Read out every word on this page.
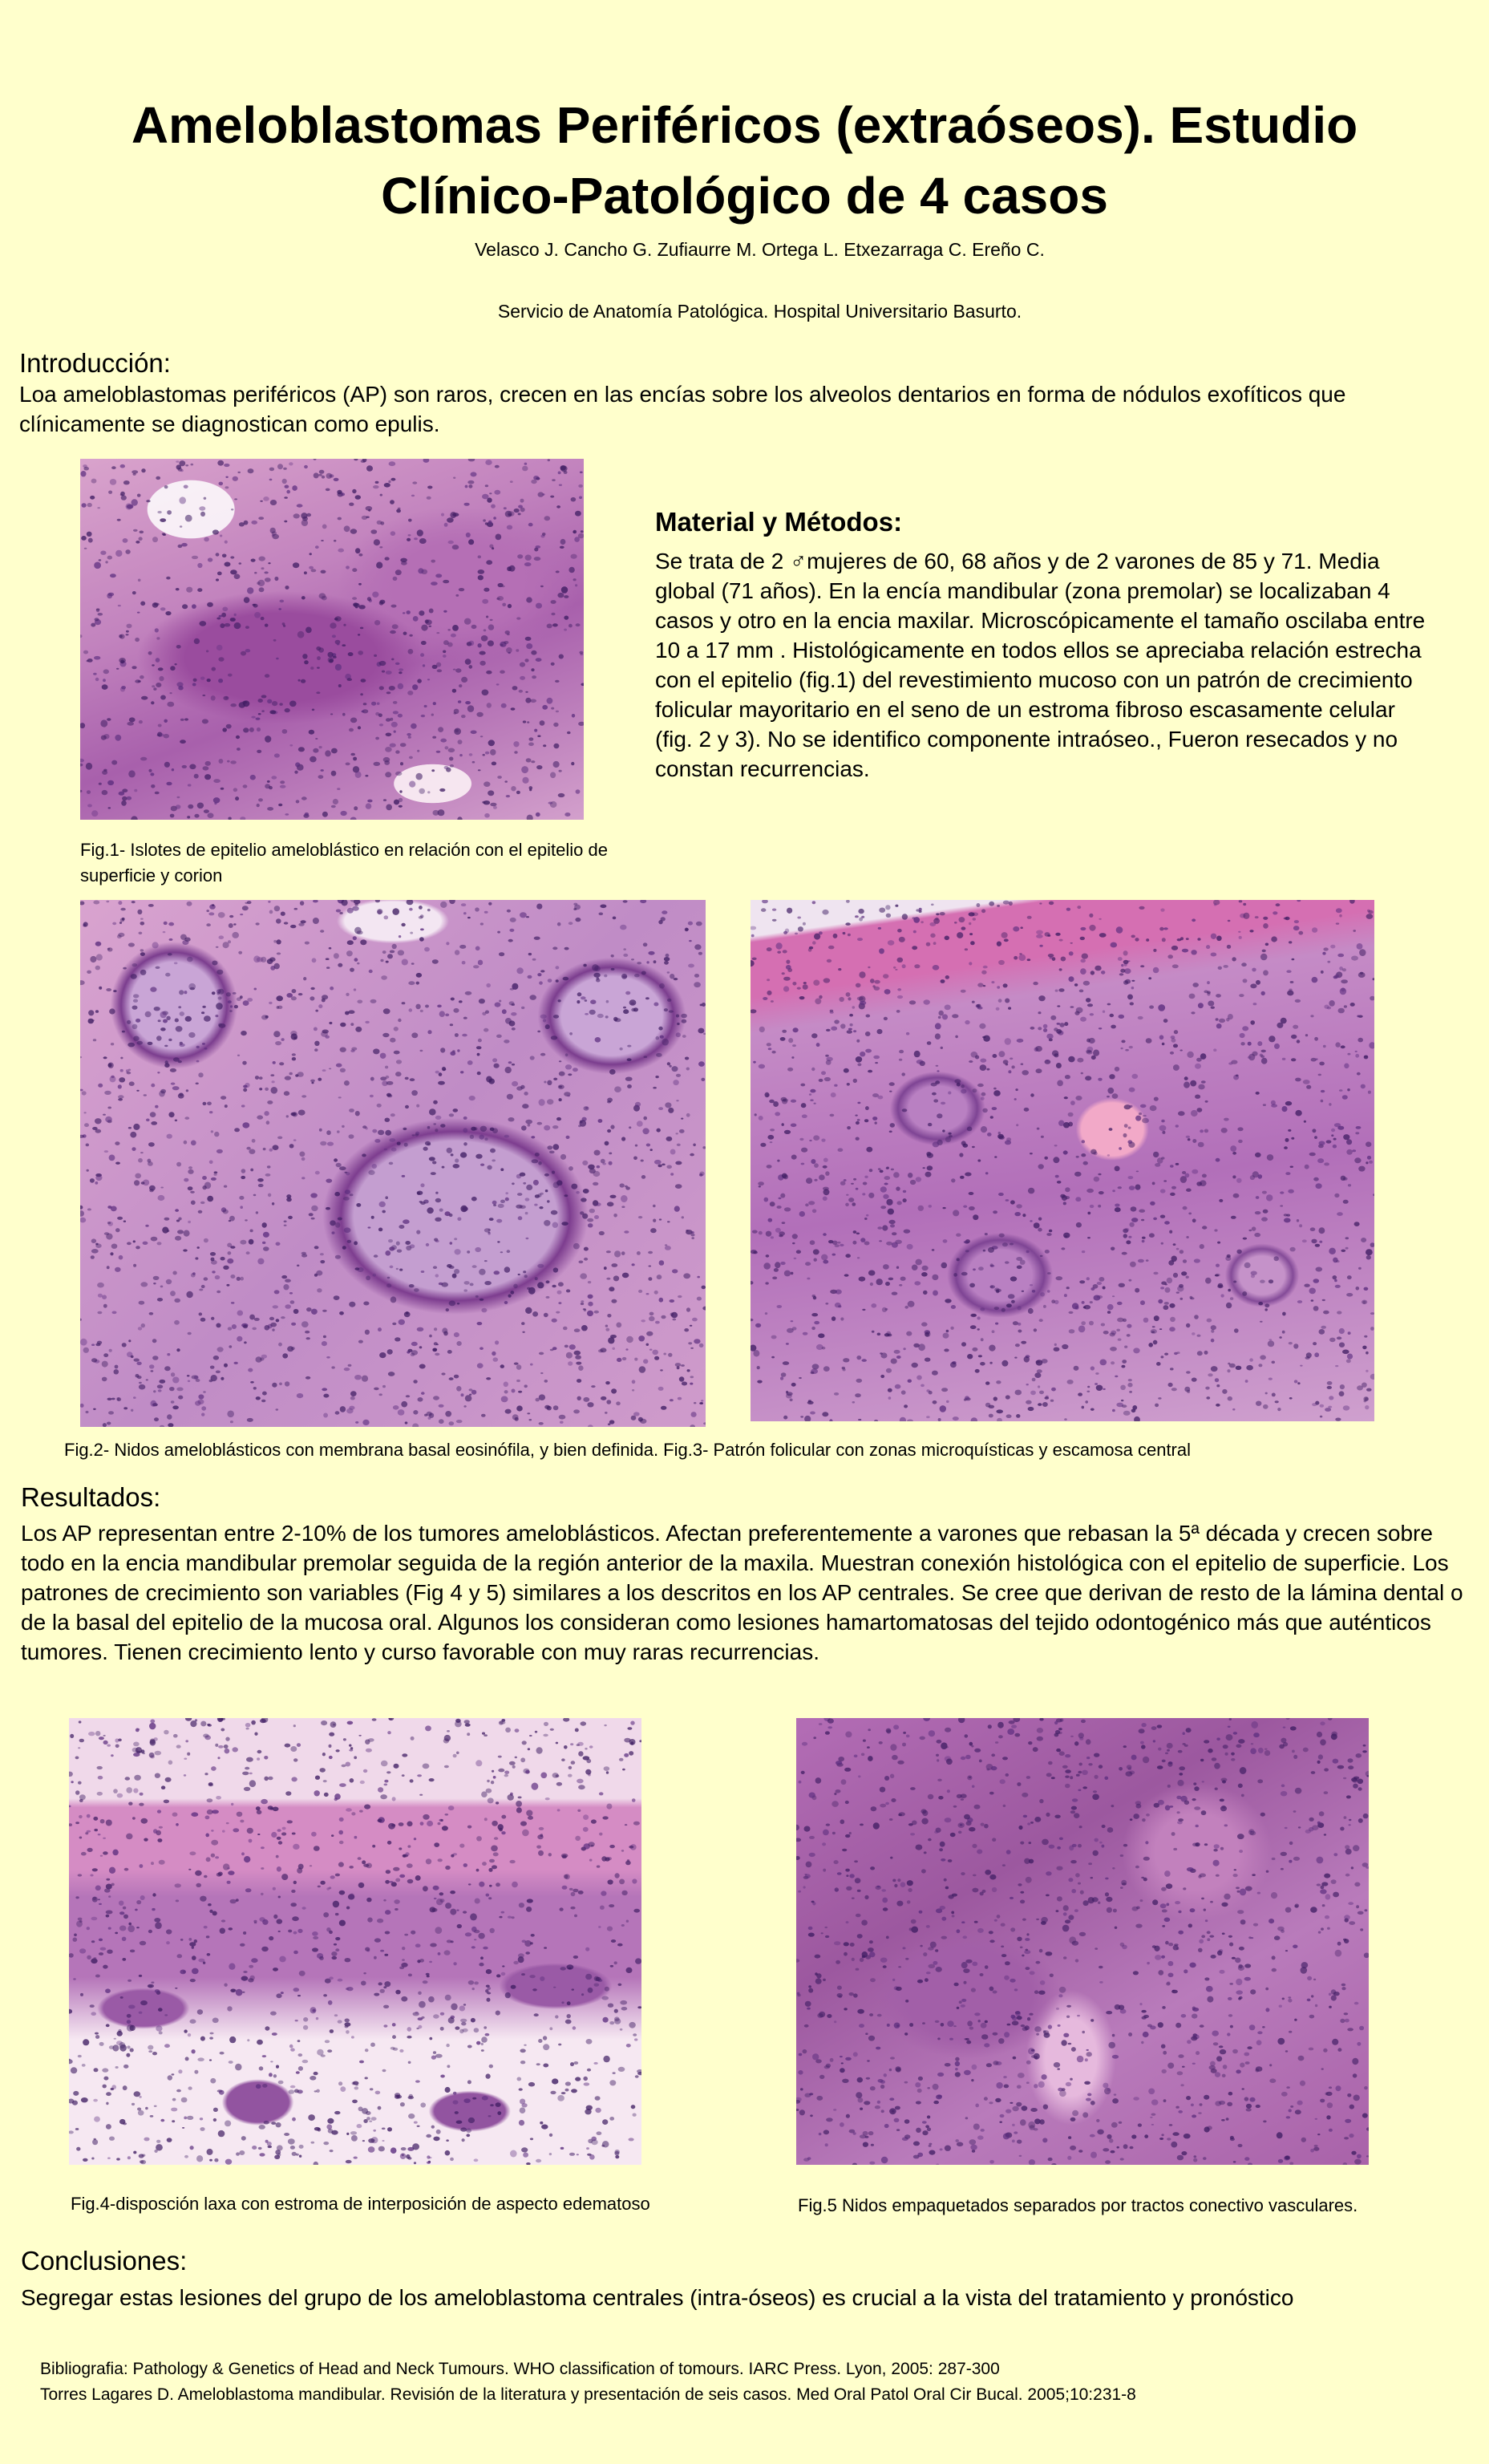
Ameloblastomas Periféricos (extraóseos). Estudio Clínico-Patológico de 4 casos
Velasco J. Cancho G. Zufiaurre M. Ortega L. Etxezarraga C. Ereño C.
Servicio de Anatomía Patológica. Hospital Universitario Basurto.
Introducción:
Loa ameloblastomas periféricos (AP) son raros, crecen en las encías sobre los alveolos dentarios en forma de nódulos exofíticos que clínicamente se diagnostican como epulis.
Material y Métodos:
Se trata de 2 ♂mujeres de 60, 68 años y de 2 varones de 85 y 71. Media global (71 años). En la encía mandibular (zona premolar) se localizaban 4 casos y otro en la encia maxilar. Microscópicamente el tamaño oscilaba entre 10 a 17 mm . Histológicamente en todos ellos se apreciaba relación estrecha con el epitelio (fig.1) del revestimiento mucoso con un patrón de crecimiento folicular mayoritario en el seno de un estroma fibroso escasamente celular (fig. 2 y 3). No se identifico componente intraóseo., Fueron resecados y no constan recurrencias.
Fig.1- Islotes de epitelio ameloblástico en relación con el epitelio de superficie y corion
Fig.2- Nidos ameloblásticos con membrana basal eosinófila, y bien definida. Fig.3- Patrón folicular con zonas microquísticas y escamosa central
Resultados:
Los AP representan entre 2-10% de los tumores ameloblásticos. Afectan preferentemente a varones que rebasan la 5ª década y crecen sobre todo en la encia mandibular premolar seguida de la región anterior de la maxila. Muestran conexión histológica con el epitelio de superficie. Los patrones de crecimiento son variables (Fig 4 y 5) similares a los descritos en los AP centrales. Se cree que derivan de resto de la lámina dental o de la basal del epitelio de la mucosa oral. Algunos los consideran como lesiones hamartomatosas del tejido odontogénico más que auténticos tumores. Tienen crecimiento lento y curso favorable con muy raras recurrencias.
Fig.4-disposción laxa con estroma de interposición de aspecto edematoso	Fig.5 Nidos empaquetados separados por tractos conectivo vasculares.
Conclusiones:
Segregar estas lesiones del grupo de los ameloblastoma centrales (intra-óseos) es crucial a la vista del tratamiento y pronóstico
Bibliografia: Pathology & Genetics of Head and Neck Tumours. WHO classification of tomours. IARC Press. Lyon, 2005: 287-300
Torres Lagares D. Ameloblastoma mandibular. Revisión de la literatura y presentación de seis casos. Med Oral Patol Oral Cir Bucal. 2005;10:231-8
